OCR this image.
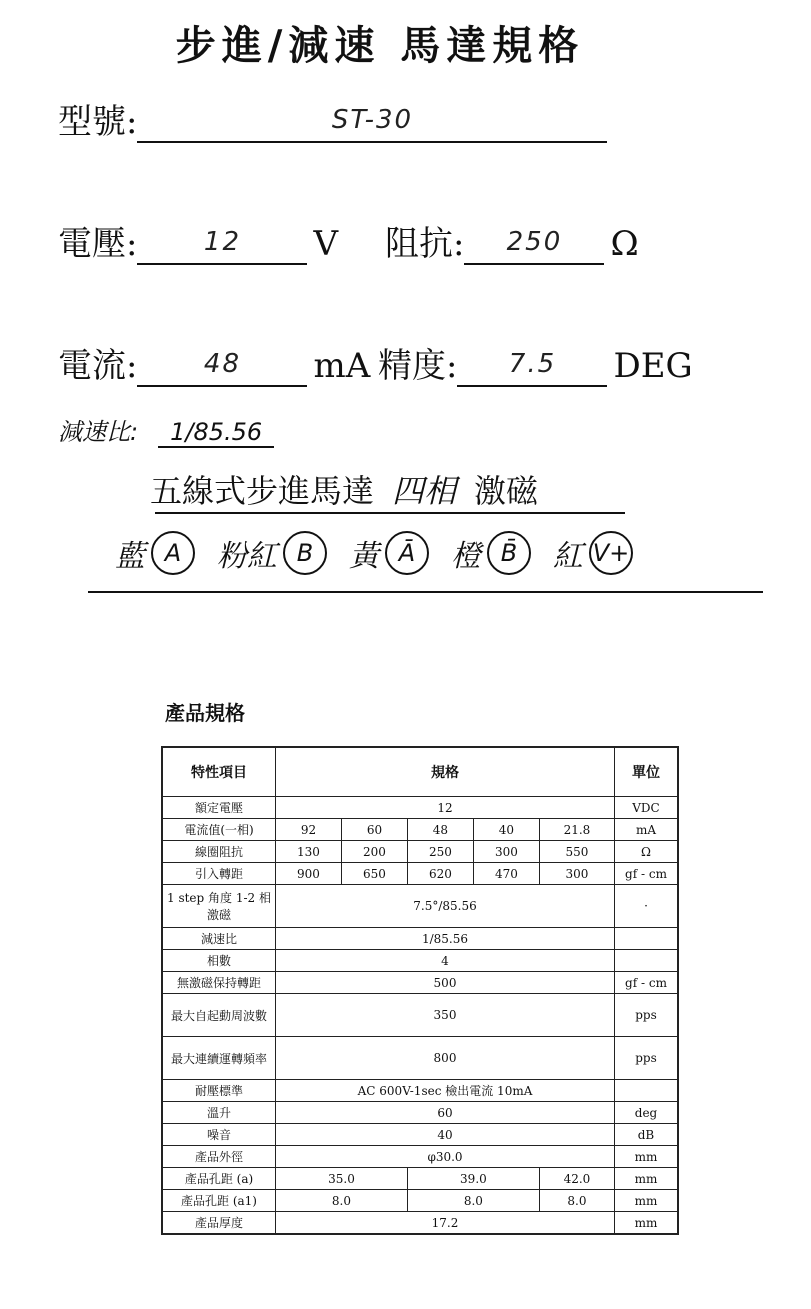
步進/減速 馬達規格
型號:	ST-30
電壓:	12	V 阻抗:	250	Ω
電流:	48	mA 精度:	7.5	DEG
減速比: 1/85.56
五線式步進馬達 四相 激磁
藍 A	粉紅 B	黃 Ā	橙 B̄	紅 V+
產品規格
特性項目	規格					單位
額定電壓	12					VDC
電流值(一相)	92	60	48	40	21.8	mA
線圈阻抗	130	200	250	300	550	Ω
引入轉距	900	650	620	470	300	gf - cm
1 step 角度 1-2 相激磁	7.5°/85.56					·
減速比	1/85.56					
相數	4					
無激磁保持轉距	500					gf - cm
最大自起動周波數	350					pps
最大連續運轉頻率	800					pps
耐壓標準	AC 600V-1sec 檢出電流 10mA					
溫升	60					deg
噪音	40					dB
產品外徑	φ30.0					mm
產品孔距 (a)	35.0		39.0		42.0	mm
產品孔距 (a1)	8.0		8.0		8.0	mm
產品厚度	17.2					mm
